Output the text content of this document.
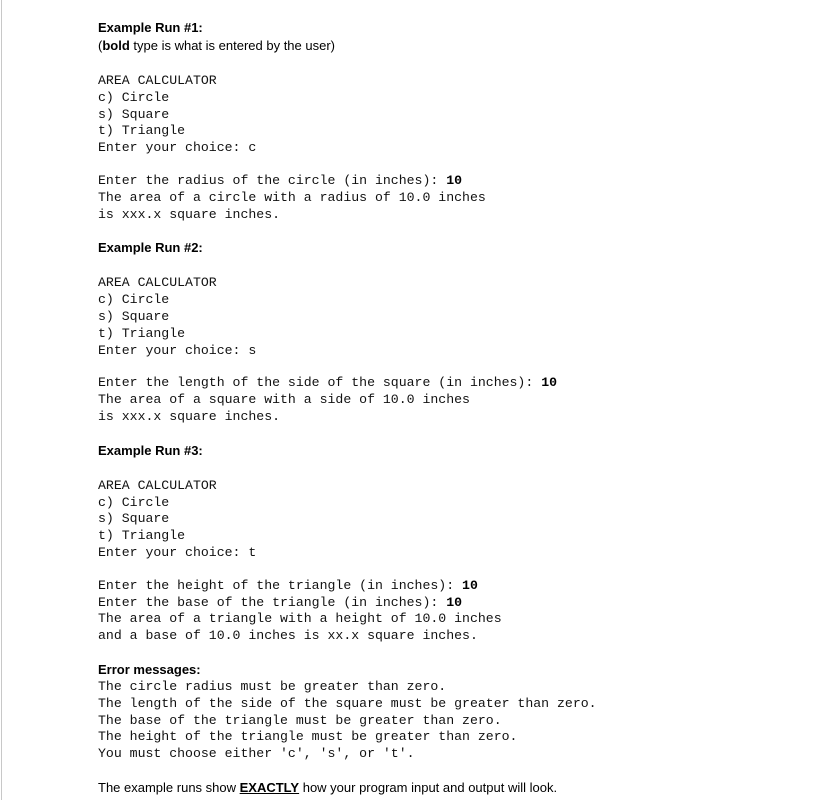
Example Run #1:
(bold type is what is entered by the user)
AREA CALCULATOR
c) Circle
s) Square
t) Triangle
Enter your choice: c
Enter the radius of the circle (in inches): 10
The area of a circle with a radius of 10.0 inches
is xxx.x square inches.
Example Run #2:
AREA CALCULATOR
c) Circle
s) Square
t) Triangle
Enter your choice: s
Enter the length of the side of the square (in inches): 10
The area of a square with a side of 10.0 inches
is xxx.x square inches.
Example Run #3:
AREA CALCULATOR
c) Circle
s) Square
t) Triangle
Enter your choice: t
Enter the height of the triangle (in inches): 10
Enter the base of the triangle (in inches): 10
The area of a triangle with a height of 10.0 inches
and a base of 10.0 inches is xx.x square inches.
Error messages:
The circle radius must be greater than zero.
The length of the side of the square must be greater than zero.
The base of the triangle must be greater than zero.
The height of the triangle must be greater than zero.
You must choose either 'c', 's', or 't'.
The example runs show EXACTLY how your program input and output will look.
